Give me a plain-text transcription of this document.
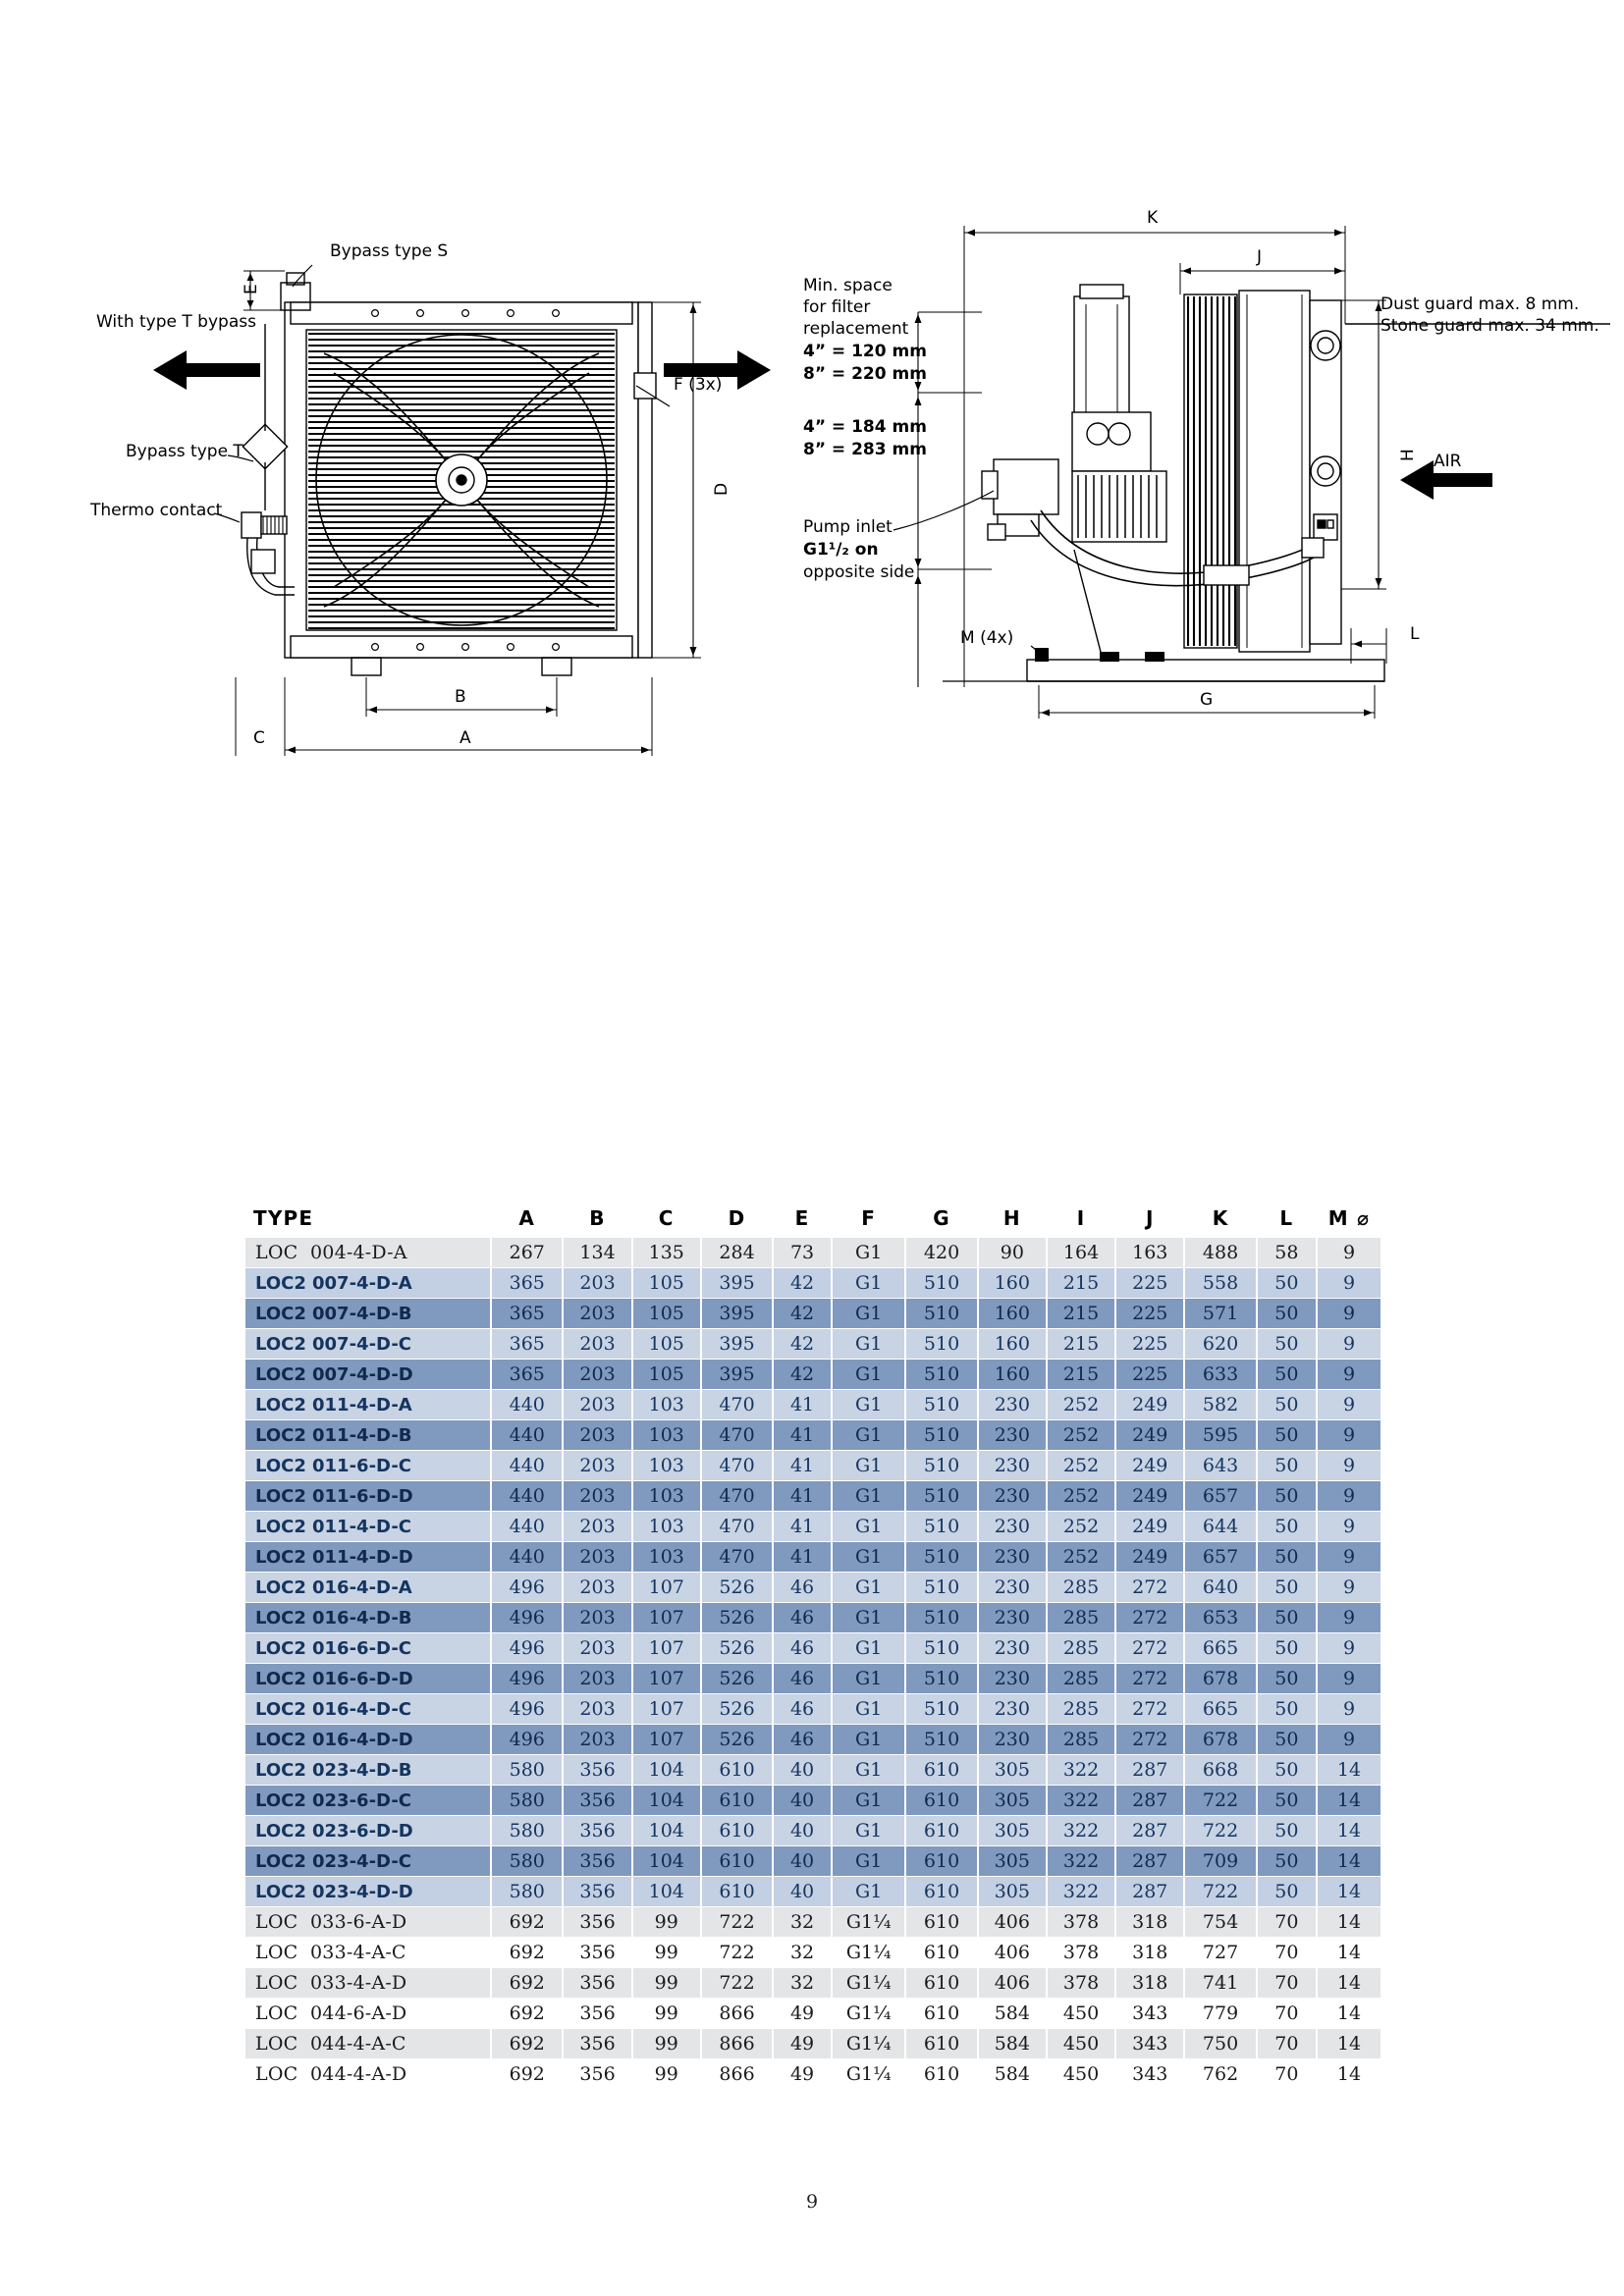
Bypass type S
With type T bypass
Bypass type T
Thermo contact
F (3x)
E
D
B
A
C
Min. space
for filter
replacement
4” = 120 mm
8” = 220 mm
4” = 184 mm
8” = 283 mm
Pump inlet
G1¹/₂ on
opposite side
Dust guard max. 8 mm.
Stone guard max. 34 mm.
AIR
M (4x)
K
J
H
L
G
TYPE	A	B	C	D	E	F	G	H	I	J	K	L	M ⌀
LOC 004-4-D-A	267	134	135	284	73	G1	420	90	164	163	488	58	9
LOC2 007-4-D-A	365	203	105	395	42	G1	510	160	215	225	558	50	9
LOC2 007-4-D-B	365	203	105	395	42	G1	510	160	215	225	571	50	9
LOC2 007-4-D-C	365	203	105	395	42	G1	510	160	215	225	620	50	9
LOC2 007-4-D-D	365	203	105	395	42	G1	510	160	215	225	633	50	9
LOC2 011-4-D-A	440	203	103	470	41	G1	510	230	252	249	582	50	9
LOC2 011-4-D-B	440	203	103	470	41	G1	510	230	252	249	595	50	9
LOC2 011-6-D-C	440	203	103	470	41	G1	510	230	252	249	643	50	9
LOC2 011-6-D-D	440	203	103	470	41	G1	510	230	252	249	657	50	9
LOC2 011-4-D-C	440	203	103	470	41	G1	510	230	252	249	644	50	9
LOC2 011-4-D-D	440	203	103	470	41	G1	510	230	252	249	657	50	9
LOC2 016-4-D-A	496	203	107	526	46	G1	510	230	285	272	640	50	9
LOC2 016-4-D-B	496	203	107	526	46	G1	510	230	285	272	653	50	9
LOC2 016-6-D-C	496	203	107	526	46	G1	510	230	285	272	665	50	9
LOC2 016-6-D-D	496	203	107	526	46	G1	510	230	285	272	678	50	9
LOC2 016-4-D-C	496	203	107	526	46	G1	510	230	285	272	665	50	9
LOC2 016-4-D-D	496	203	107	526	46	G1	510	230	285	272	678	50	9
LOC2 023-4-D-B	580	356	104	610	40	G1	610	305	322	287	668	50	14
LOC2 023-6-D-C	580	356	104	610	40	G1	610	305	322	287	722	50	14
LOC2 023-6-D-D	580	356	104	610	40	G1	610	305	322	287	722	50	14
LOC2 023-4-D-C	580	356	104	610	40	G1	610	305	322	287	709	50	14
LOC2 023-4-D-D	580	356	104	610	40	G1	610	305	322	287	722	50	14
LOC 033-6-A-D	692	356	99	722	32	G1¼	610	406	378	318	754	70	14
LOC 033-4-A-C	692	356	99	722	32	G1¼	610	406	378	318	727	70	14
LOC 033-4-A-D	692	356	99	722	32	G1¼	610	406	378	318	741	70	14
LOC 044-6-A-D	692	356	99	866	49	G1¼	610	584	450	343	779	70	14
LOC 044-4-A-C	692	356	99	866	49	G1¼	610	584	450	343	750	70	14
LOC 044-4-A-D	692	356	99	866	49	G1¼	610	584	450	343	762	70	14
9
